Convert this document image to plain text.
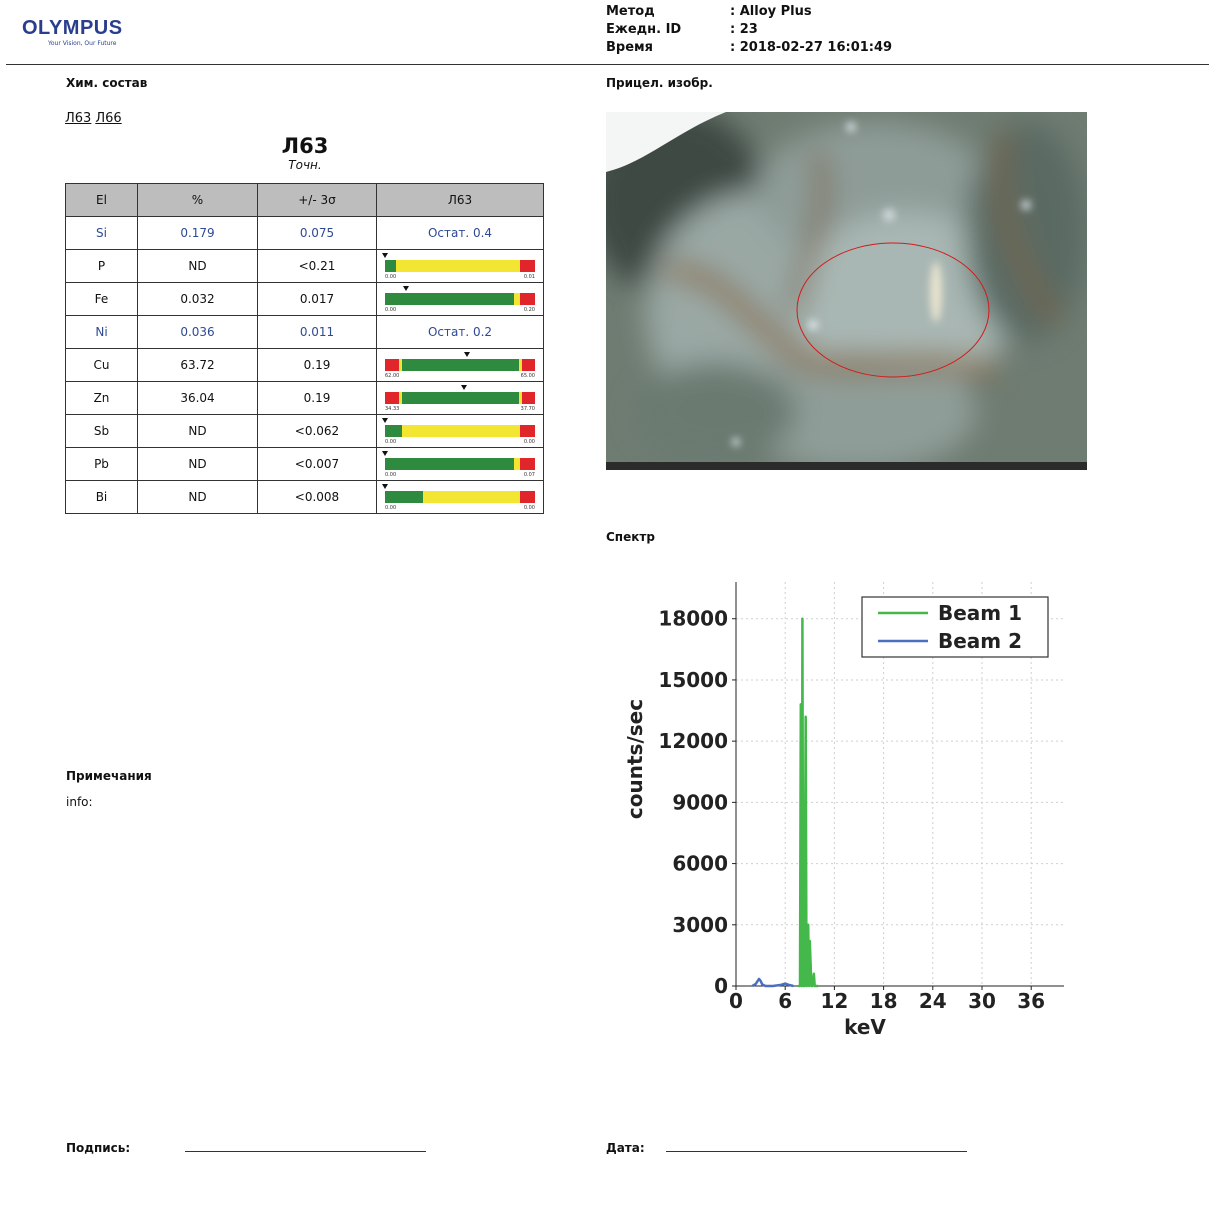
OLYMPUS
Your Vision, Our Future
Метод	: Alloy Plus
Ежедн. ID	: 23
Время	: 2018-02-27 16:01:49
Хим. состав
Л63 Л66
Л63
Точн.
El	%	+/- 3σ	Л63
Si	0.179	0.075	Остат. 0.4
P	ND	<0.21	0.00 0.01

Fe	0.032	0.017	0.00 0.20

Ni	0.036	0.011	Остат. 0.2
Cu	63.72	0.19	62.00 65.00

Zn	36.04	0.19	34.33 37.70

Sb	ND	<0.062	0.00 0.00

Pb	ND	<0.007	0.00 0.07

Bi	ND	<0.008	0.00 0.00
Примечания
info:
Прицел. изобр.
Спектр
0
3000
6000
9000
12000
15000
18000
0 6 12 18 24 30 36
keV
counts/sec
Beam 1
Beam 2
Подпись:	Дата:
